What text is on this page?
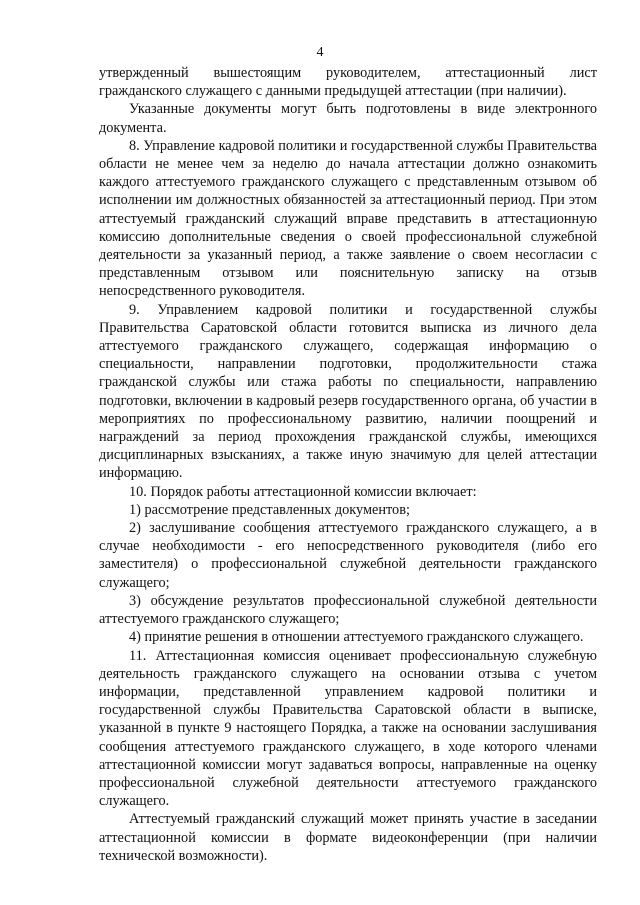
4

утвержденный вышестоящим руководителем, аттестационный лист гражданского служащего с данными предыдущей аттестации (при наличии).

Указанные документы могут быть подготовлены в виде электронного документа.

8. Управление кадровой политики и государственной службы Правительства области не менее чем за неделю до начала аттестации должно ознакомить каждого аттестуемого гражданского служащего с представленным отзывом об исполнении им должностных обязанностей за аттестационный период. При этом аттестуемый гражданский служащий вправе представить в аттестационную комиссию дополнительные сведения о своей профессиональной служебной деятельности за указанный период, а также заявление о своем несогласии с представленным отзывом или пояснительную записку на отзыв непосредственного руководителя.

9. Управлением кадровой политики и государственной службы Правительства Саратовской области готовится выписка из личного дела аттестуемого гражданского служащего, содержащая информацию о специальности, направлении подготовки, продолжительности стажа гражданской службы или стажа работы по специальности, направлению подготовки, включении в кадровый резерв государственного органа, об участии в мероприятиях по профессиональному развитию, наличии поощрений и награждений за период прохождения гражданской службы, имеющихся дисциплинарных взысканиях, а также иную значимую для целей аттестации информацию.

10. Порядок работы аттестационной комиссии включает:

1) рассмотрение представленных документов;

2) заслушивание сообщения аттестуемого гражданского служащего, а в случае необходимости - его непосредственного руководителя (либо его заместителя) о профессиональной служебной деятельности гражданского служащего;

3) обсуждение результатов профессиональной служебной деятельности аттестуемого гражданского служащего;

4) принятие решения в отношении аттестуемого гражданского служащего.

11. Аттестационная комиссия оценивает профессиональную служебную деятельность гражданского служащего на основании отзыва с учетом информации, представленной управлением кадровой политики и государственной службы Правительства Саратовской области в выписке, указанной в пункте 9 настоящего Порядка, а также на основании заслушивания сообщения аттестуемого гражданского служащего, в ходе которого членами аттестационной комиссии могут задаваться вопросы, направленные на оценку профессиональной служебной деятельности аттестуемого гражданского служащего.

Аттестуемый гражданский служащий может принять участие в заседании аттестационной комиссии в формате видеоконференции (при наличии технической возможности).
